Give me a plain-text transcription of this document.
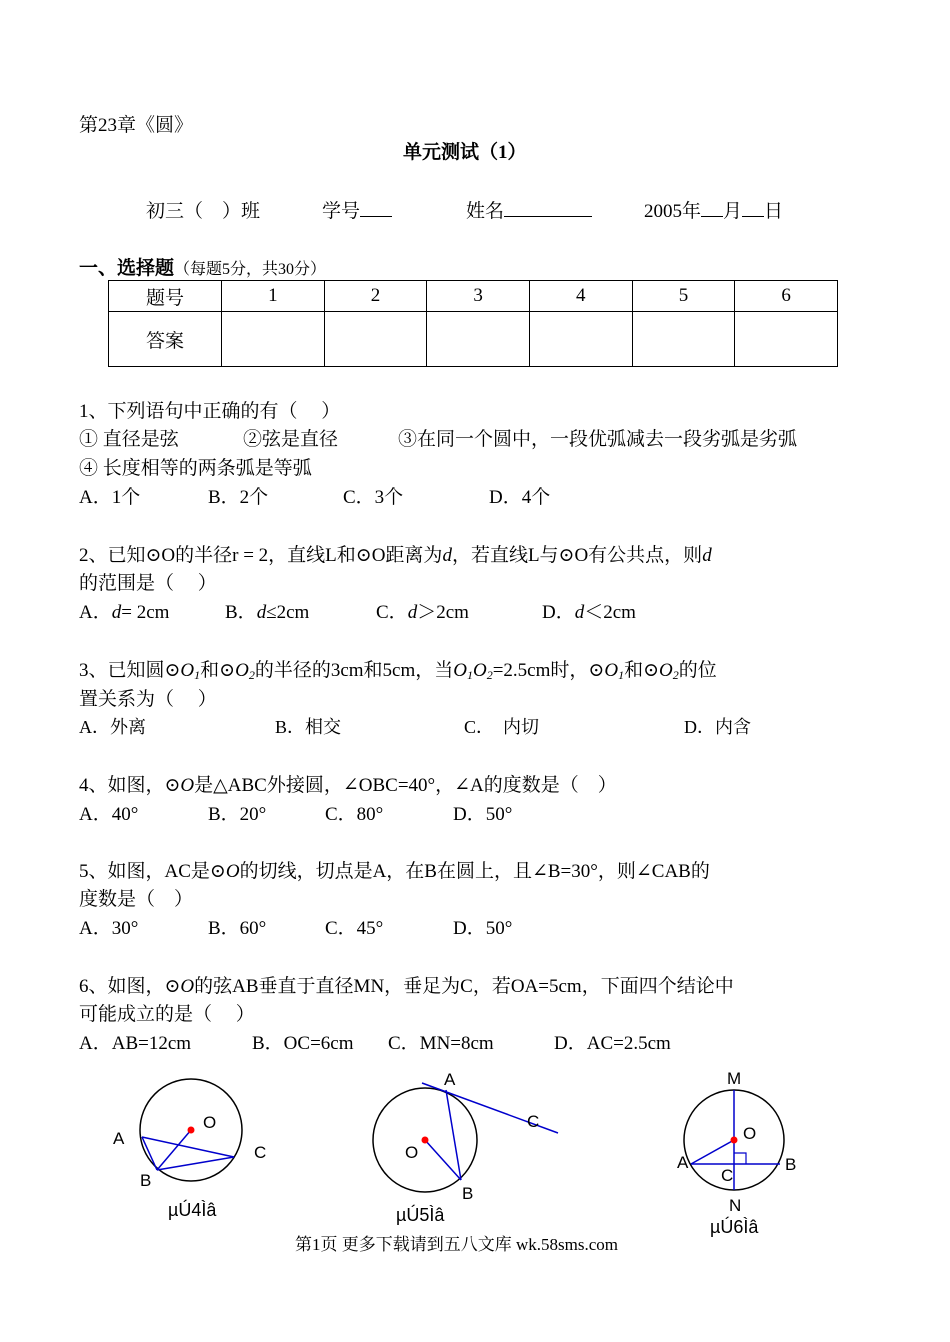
第23章《圆》
单元测试（1）
初三（　）班	学号	姓名	2005年 月 日
一、选择题（每题5分，共30分）
题号	1	2	3	4	5	6
答案						
1、下列语句中正确的有（　 ）
① 直径是弦	②弦是直径	③在同一个圆中，一段优弧减去一段劣弧是劣弧
④ 长度相等的两条弧是等弧
A．1个	B．2个	C．3个	D．4个
2、已知⊙O的半径r = 2，直线L和⊙O距离为d，若直线L与⊙O有公共点，则d
的范围是（　 ）
A．d= 2cm	B．d≤2cm	C．d＞2cm	D．d＜2cm
3、已知圆$⊙O_1$和$⊙O_2$的半径的3cm和5cm，当$O_1O_2=2.5cm$时，$⊙O_1$和$⊙O_2$的位
置关系为（　 ）
A．外离	B．相交	C．　内切	D．内含
4、如图，⊙O是△ABC外接圆，∠OBC=40°，∠A的度数是（　）
A．40°	B．20°	C．80°	D．50°
5、如图，AC是⊙O的切线，切点是A，在B在圆上，且∠B=30°，则∠CAB的
度数是（　）
A．30°	B．60°	C．45°	D．50°
6、如图，⊙O的弦AB垂直于直径MN，垂足为C，若OA=5cm，下面四个结论中
可能成立的是（　 ）
A．AB=12cm	B．OC=6cm C．MN=8cm	D．AC=2.5cm
A
O
C
B
µÚ4Ìâ
A
C
O
B
µÚ5Ìâ
M
O
A	B
C
N
µÚ6Ìâ
第1页 更多下载请到五八文库 wk.58sms.com
